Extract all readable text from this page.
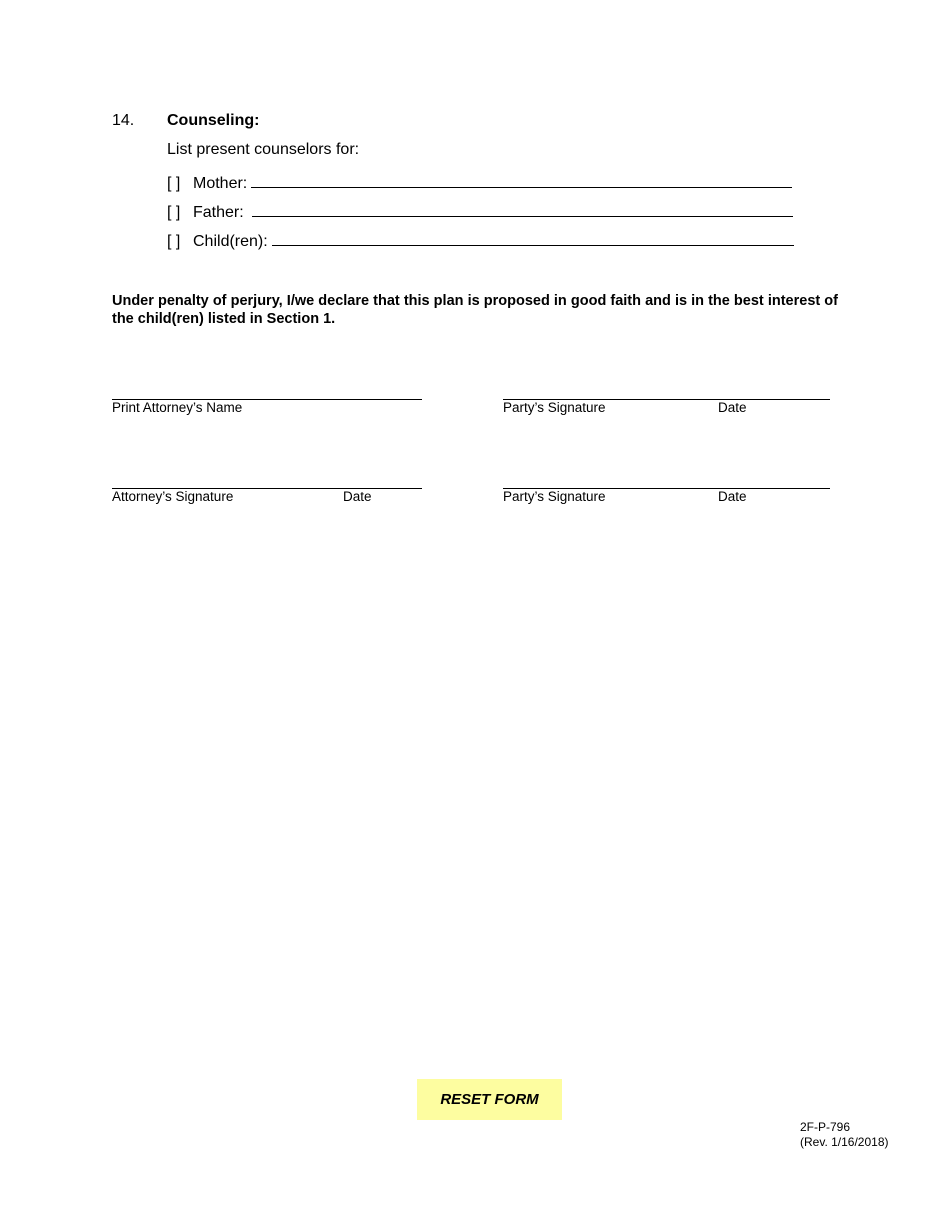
14. Counseling:
List present counselors for:
[ ] Mother:
[ ] Father:
[ ] Child(ren):
Under penalty of perjury, I/we declare that this plan is proposed in good faith and is in the best interest of the child(ren) listed in Section 1.
Print Attorney’s Name	Party’s Signature	Date
Attorney’s Signature	Date	Party’s Signature	Date
RESET FORM
2F-P-796
(Rev. 1/16/2018)
